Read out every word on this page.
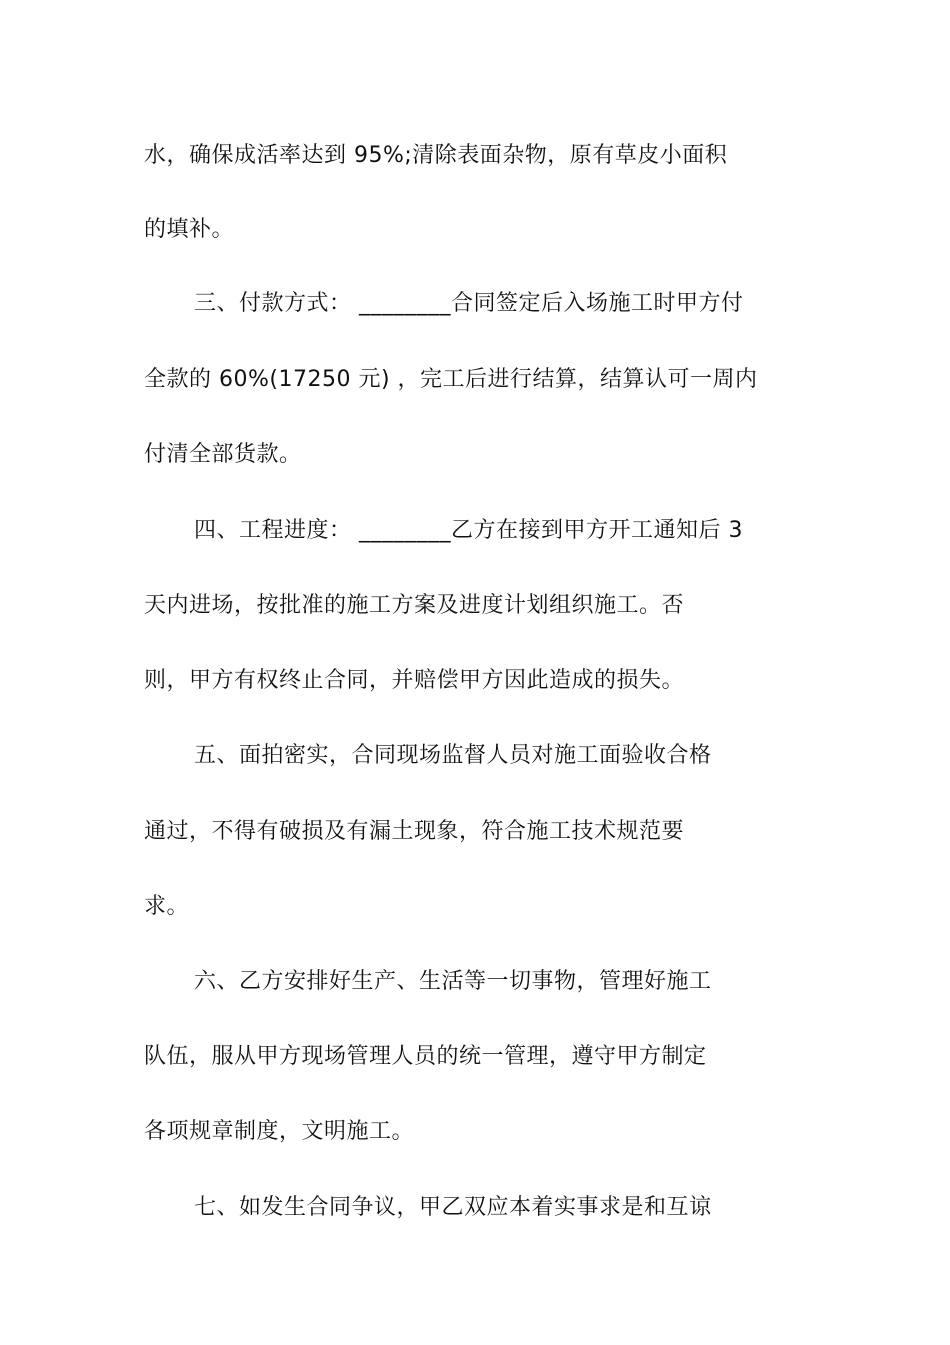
水，确保成活率达到 95%;清除表面杂物，原有草皮小面积
的填补。
三、付款方式： ________合同签定后入场施工时甲方付
全款的 60%(17250 元) ，完工后进行结算，结算认可一周内
付清全部货款。
四、工程进度： ________乙方在接到甲方开工通知后 3
天内进场，按批准的施工方案及进度计划组织施工。否
则，甲方有权终止合同，并赔偿甲方因此造成的损失。
五、面拍密实，合同现场监督人员对施工面验收合格
通过，不得有破损及有漏土现象，符合施工技术规范要
求。
六、乙方安排好生产、生活等一切事物，管理好施工
队伍，服从甲方现场管理人员的统一管理，遵守甲方制定
各项规章制度，文明施工。
七、如发生合同争议，甲乙双应本着实事求是和互谅
